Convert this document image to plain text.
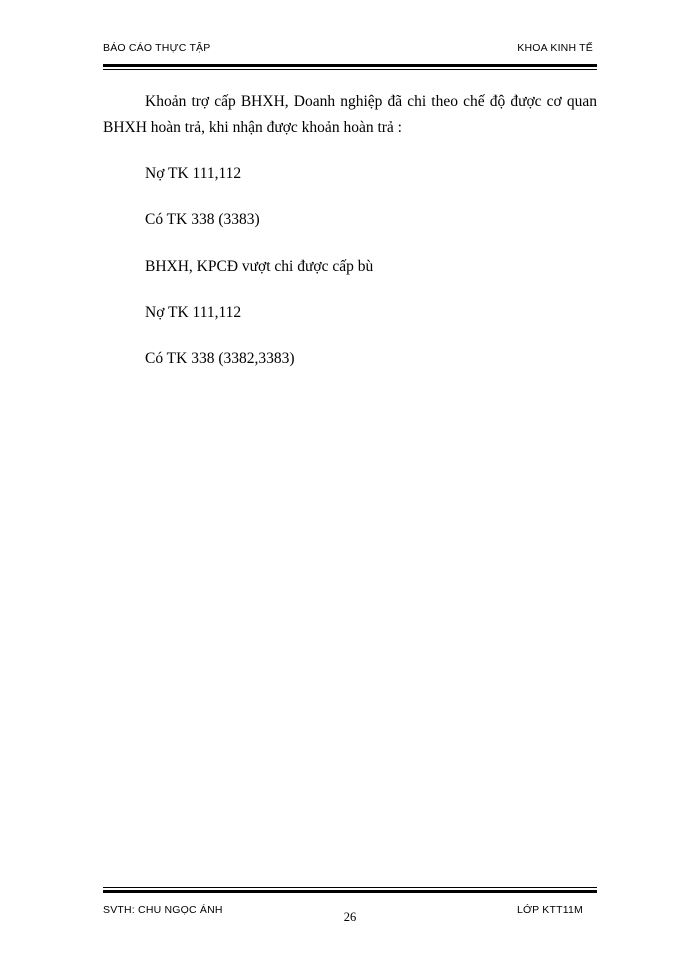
BÁO CÁO THỰC TẬP	KHOA KINH TẾ
Khoản trợ cấp BHXH, Doanh nghiệp đã chi theo chế độ được cơ quan
BHXH hoàn trả, khi nhận được khoản hoàn trả :
Nợ TK 111,112
Có TK 338 (3383)
BHXH, KPCĐ vượt chi được cấp bù
Nợ TK 111,112
Có TK 338 (3382,3383)
SVTH: CHU NGỌC ÁNH	26	LỚP KTT11M
